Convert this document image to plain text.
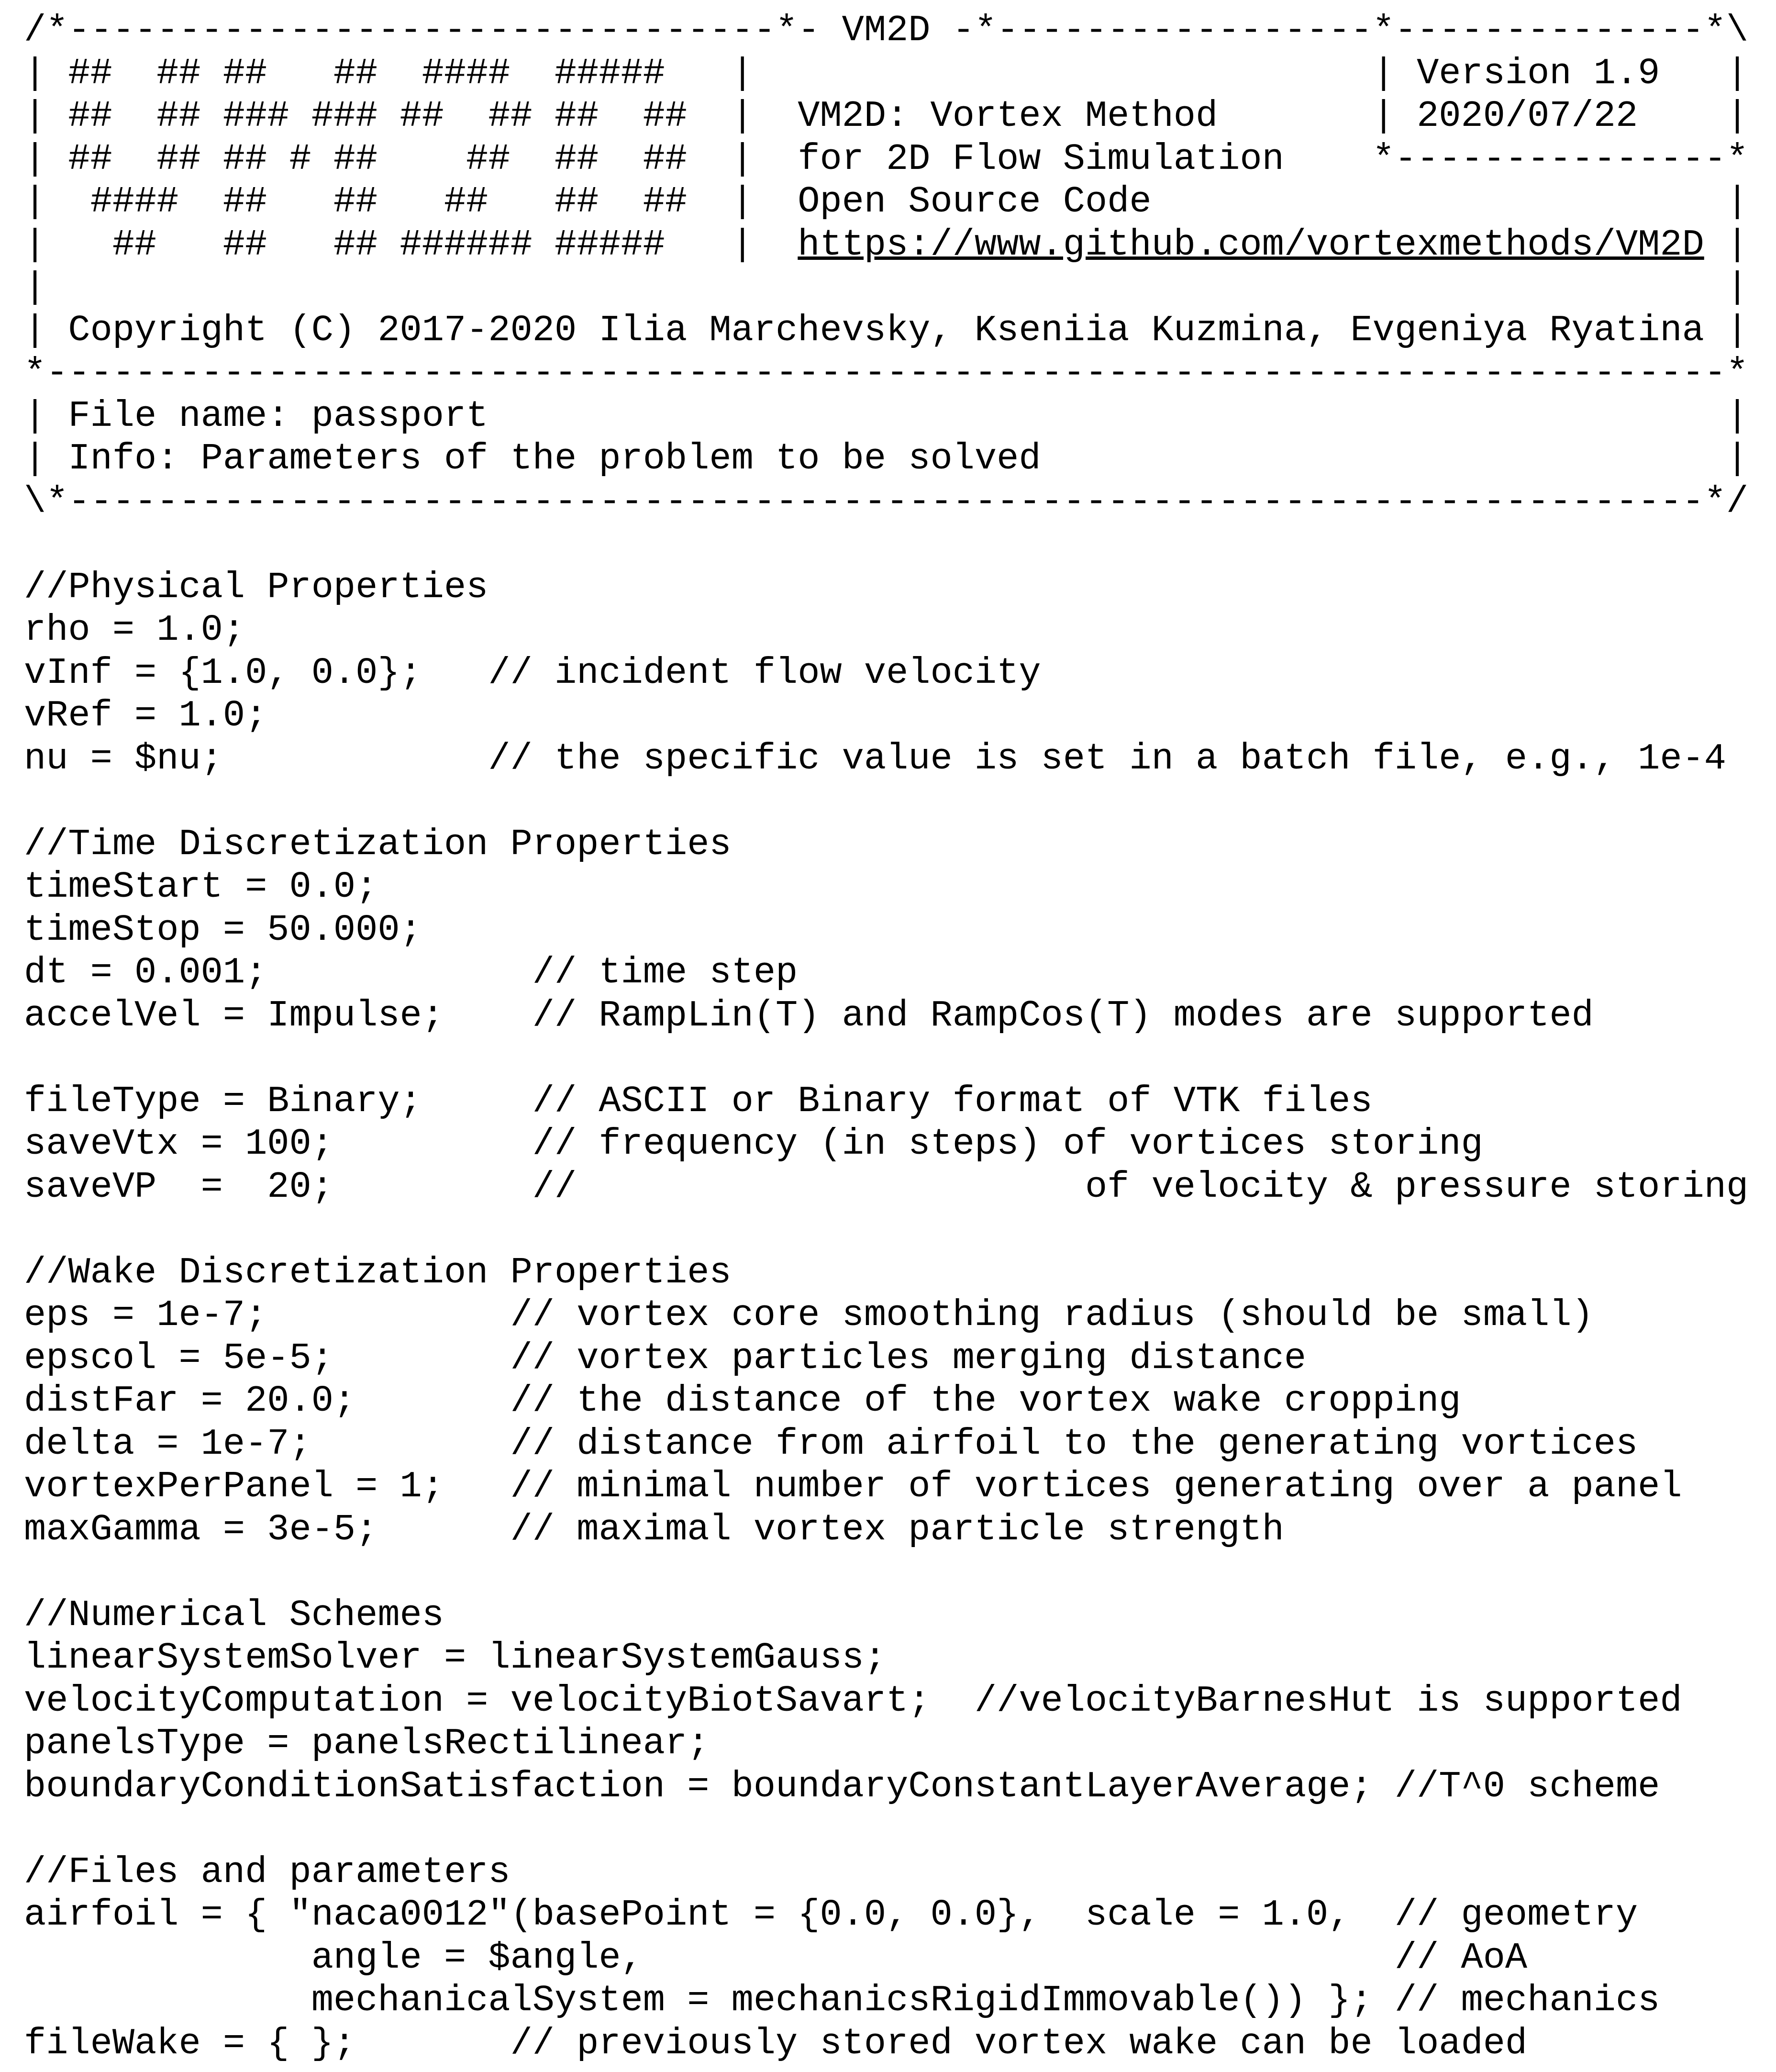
/*--------------------------------*- VM2D -*-----------------*--------------*\
| ##  ## ##   ##  ####  #####   |                            | Version 1.9   |
| ##  ## ### ### ##  ## ##  ##  |  VM2D: Vortex Method       | 2020/07/22    |
| ##  ## ## # ##    ##  ##  ##  |  for 2D Flow Simulation    *---------------*
|  ####  ##   ##   ##   ##  ##  |  Open Source Code                          |
|   ##   ##   ## ###### #####   |  https://www.github.com/vortexmethods/VM2D |
|                                                                            |
| Copyright (C) 2017-2020 Ilia Marchevsky, Kseniia Kuzmina, Evgeniya Ryatina |
*----------------------------------------------------------------------------*
| File name: passport                                                        |
| Info: Parameters of the problem to be solved                               |
\*--------------------------------------------------------------------------*/
//Physical Properties
rho = 1.0;
vInf = {1.0, 0.0};   // incident flow velocity
vRef = 1.0;
nu = $nu;            // the specific value is set in a batch file, e.g., 1e-4
//Time Discretization Properties
timeStart = 0.0;
timeStop = 50.000;
dt = 0.001;            // time step
accelVel = Impulse;    // RampLin(T) and RampCos(T) modes are supported
fileType = Binary;     // ASCII or Binary format of VTK files
saveVtx = 100;         // frequency (in steps) of vortices storing
saveVP  =  20;         //                       of velocity & pressure storing
//Wake Discretization Properties
eps = 1e-7;           // vortex core smoothing radius (should be small)
epscol = 5e-5;        // vortex particles merging distance
distFar = 20.0;       // the distance of the vortex wake cropping
delta = 1e-7;         // distance from airfoil to the generating vortices
vortexPerPanel = 1;   // minimal number of vortices generating over a panel
maxGamma = 3e-5;      // maximal vortex particle strength
//Numerical Schemes
linearSystemSolver = linearSystemGauss;
velocityComputation = velocityBiotSavart;  //velocityBarnesHut is supported
panelsType = panelsRectilinear;
boundaryConditionSatisfaction = boundaryConstantLayerAverage; //T^0 scheme
//Files and parameters
airfoil = { "naca0012"(basePoint = {0.0, 0.0},  scale = 1.0,  // geometry
angle = $angle,                                  // AoA
mechanicalSystem = mechanicsRigidImmovable()) }; // mechanics
fileWake = { };       // previously stored vortex wake can be loaded
